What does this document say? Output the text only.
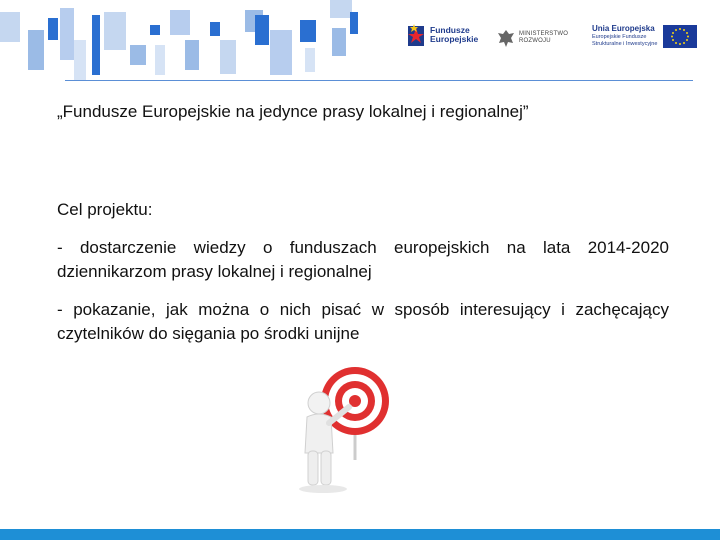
Fundusze
Europejskie	MINISTERSTWO
ROZWOJU
Unia Europejska
Europejskie Fundusze
Strukturalne i Inwestycyjne
„Fundusze Europejskie na jedynce prasy lokalnej i regionalnej”
Cel projektu:
- dostarczenie wiedzy o funduszach europejskich na lata 2014-2020 dziennikarzom prasy lokalnej i regionalnej
- pokazanie, jak można o nich pisać w sposób interesujący i zachęcający czytelników do sięgania po środki unijne
